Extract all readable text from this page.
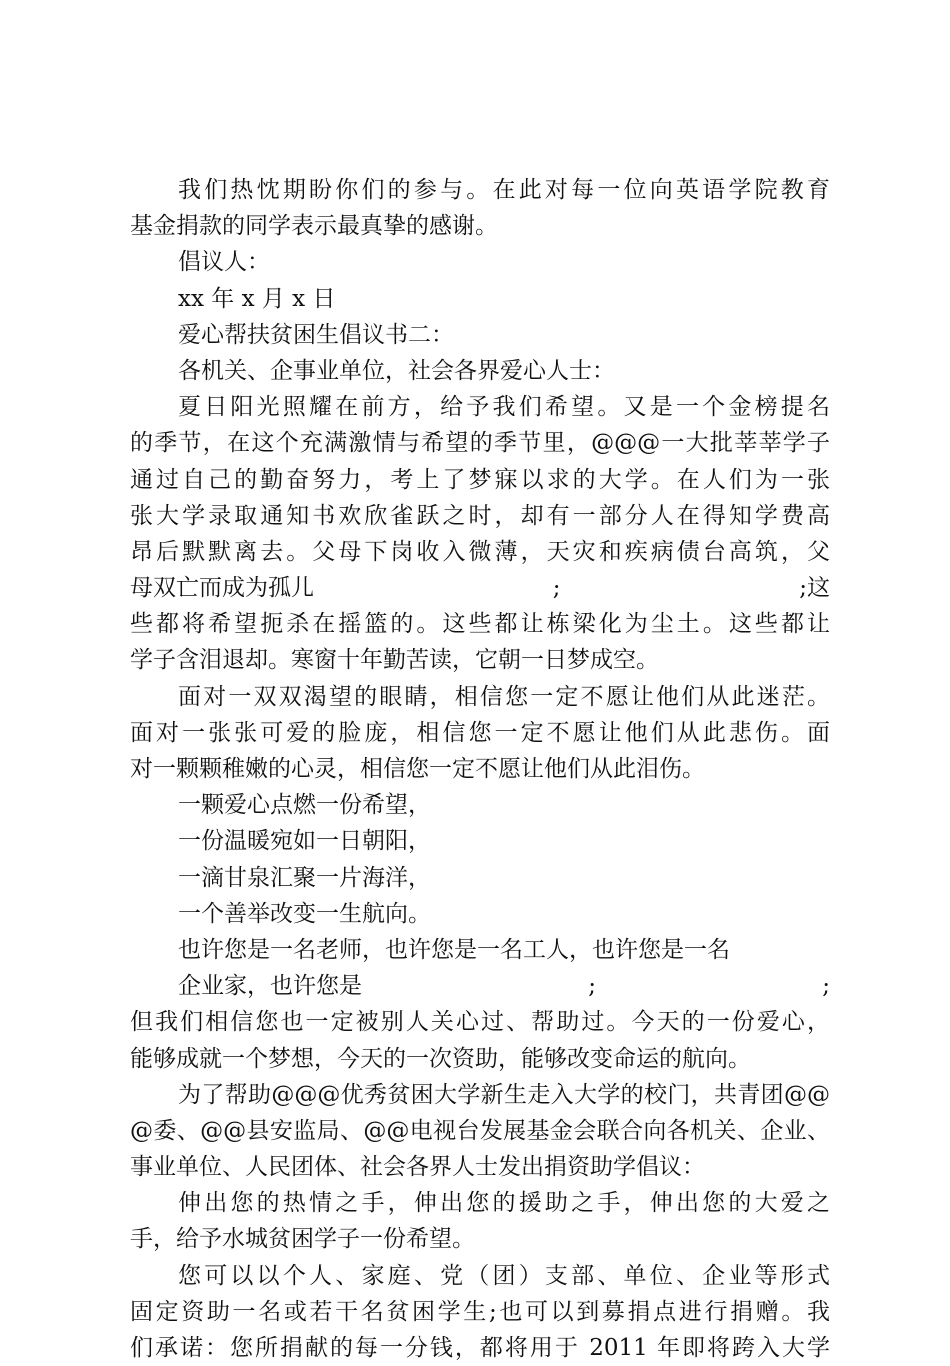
我们热忱期盼你们的参与。在此对每一位向英语学院教育
基金捐款的同学表示最真挚的感谢。
倡议人：
xx 年 x 月 x 日
爱心帮扶贫困生倡议书二：
各机关、企事业单位，社会各界爱心人士：
夏日阳光照耀在前方，给予我们希望。又是一个金榜提名
的季节，在这个充满激情与希望的季节里，@@@一大批莘莘学子
通过自己的勤奋努力，考上了梦寐以求的大学。在人们为一张
张大学录取通知书欢欣雀跃之时，却有一部分人在得知学费高
昂后默默离去。父母下岗收入微薄，天灾和疾病债台高筑，父
母双亡而成为孤儿	;	;这
些都将希望扼杀在摇篮的。这些都让栋梁化为尘土。这些都让
学子含泪退却。寒窗十年勤苦读，它朝一日梦成空。
面对一双双渴望的眼睛，相信您一定不愿让他们从此迷茫。
面对一张张可爱的脸庞，相信您一定不愿让他们从此悲伤。面
对一颗颗稚嫩的心灵，相信您一定不愿让他们从此泪伤。
一颗爱心点燃一份希望，
一份温暖宛如一日朝阳，
一滴甘泉汇聚一片海洋，
一个善举改变一生航向。
也许您是一名老师，也许您是一名工人，也许您是一名
企业家，也许您是	;	;
但我们相信您也一定被别人关心过、帮助过。今天的一份爱心，
能够成就一个梦想，今天的一次资助，能够改变命运的航向。
为了帮助@@@优秀贫困大学新生走入大学的校门，共青团@@
@委、@@县安监局、@@电视台发展基金会联合向各机关、企业、
事业单位、人民团体、社会各界人士发出捐资助学倡议：
伸出您的热情之手，伸出您的援助之手，伸出您的大爱之
手，给予水城贫困学子一份希望。
您可以以个人、家庭、党（团）支部、单位、企业等形式
固定资助一名或若干名贫困学生;也可以到募捐点进行捐赠。我
们承诺：您所捐献的每一分钱，都将用于 2011 年即将跨入大学
